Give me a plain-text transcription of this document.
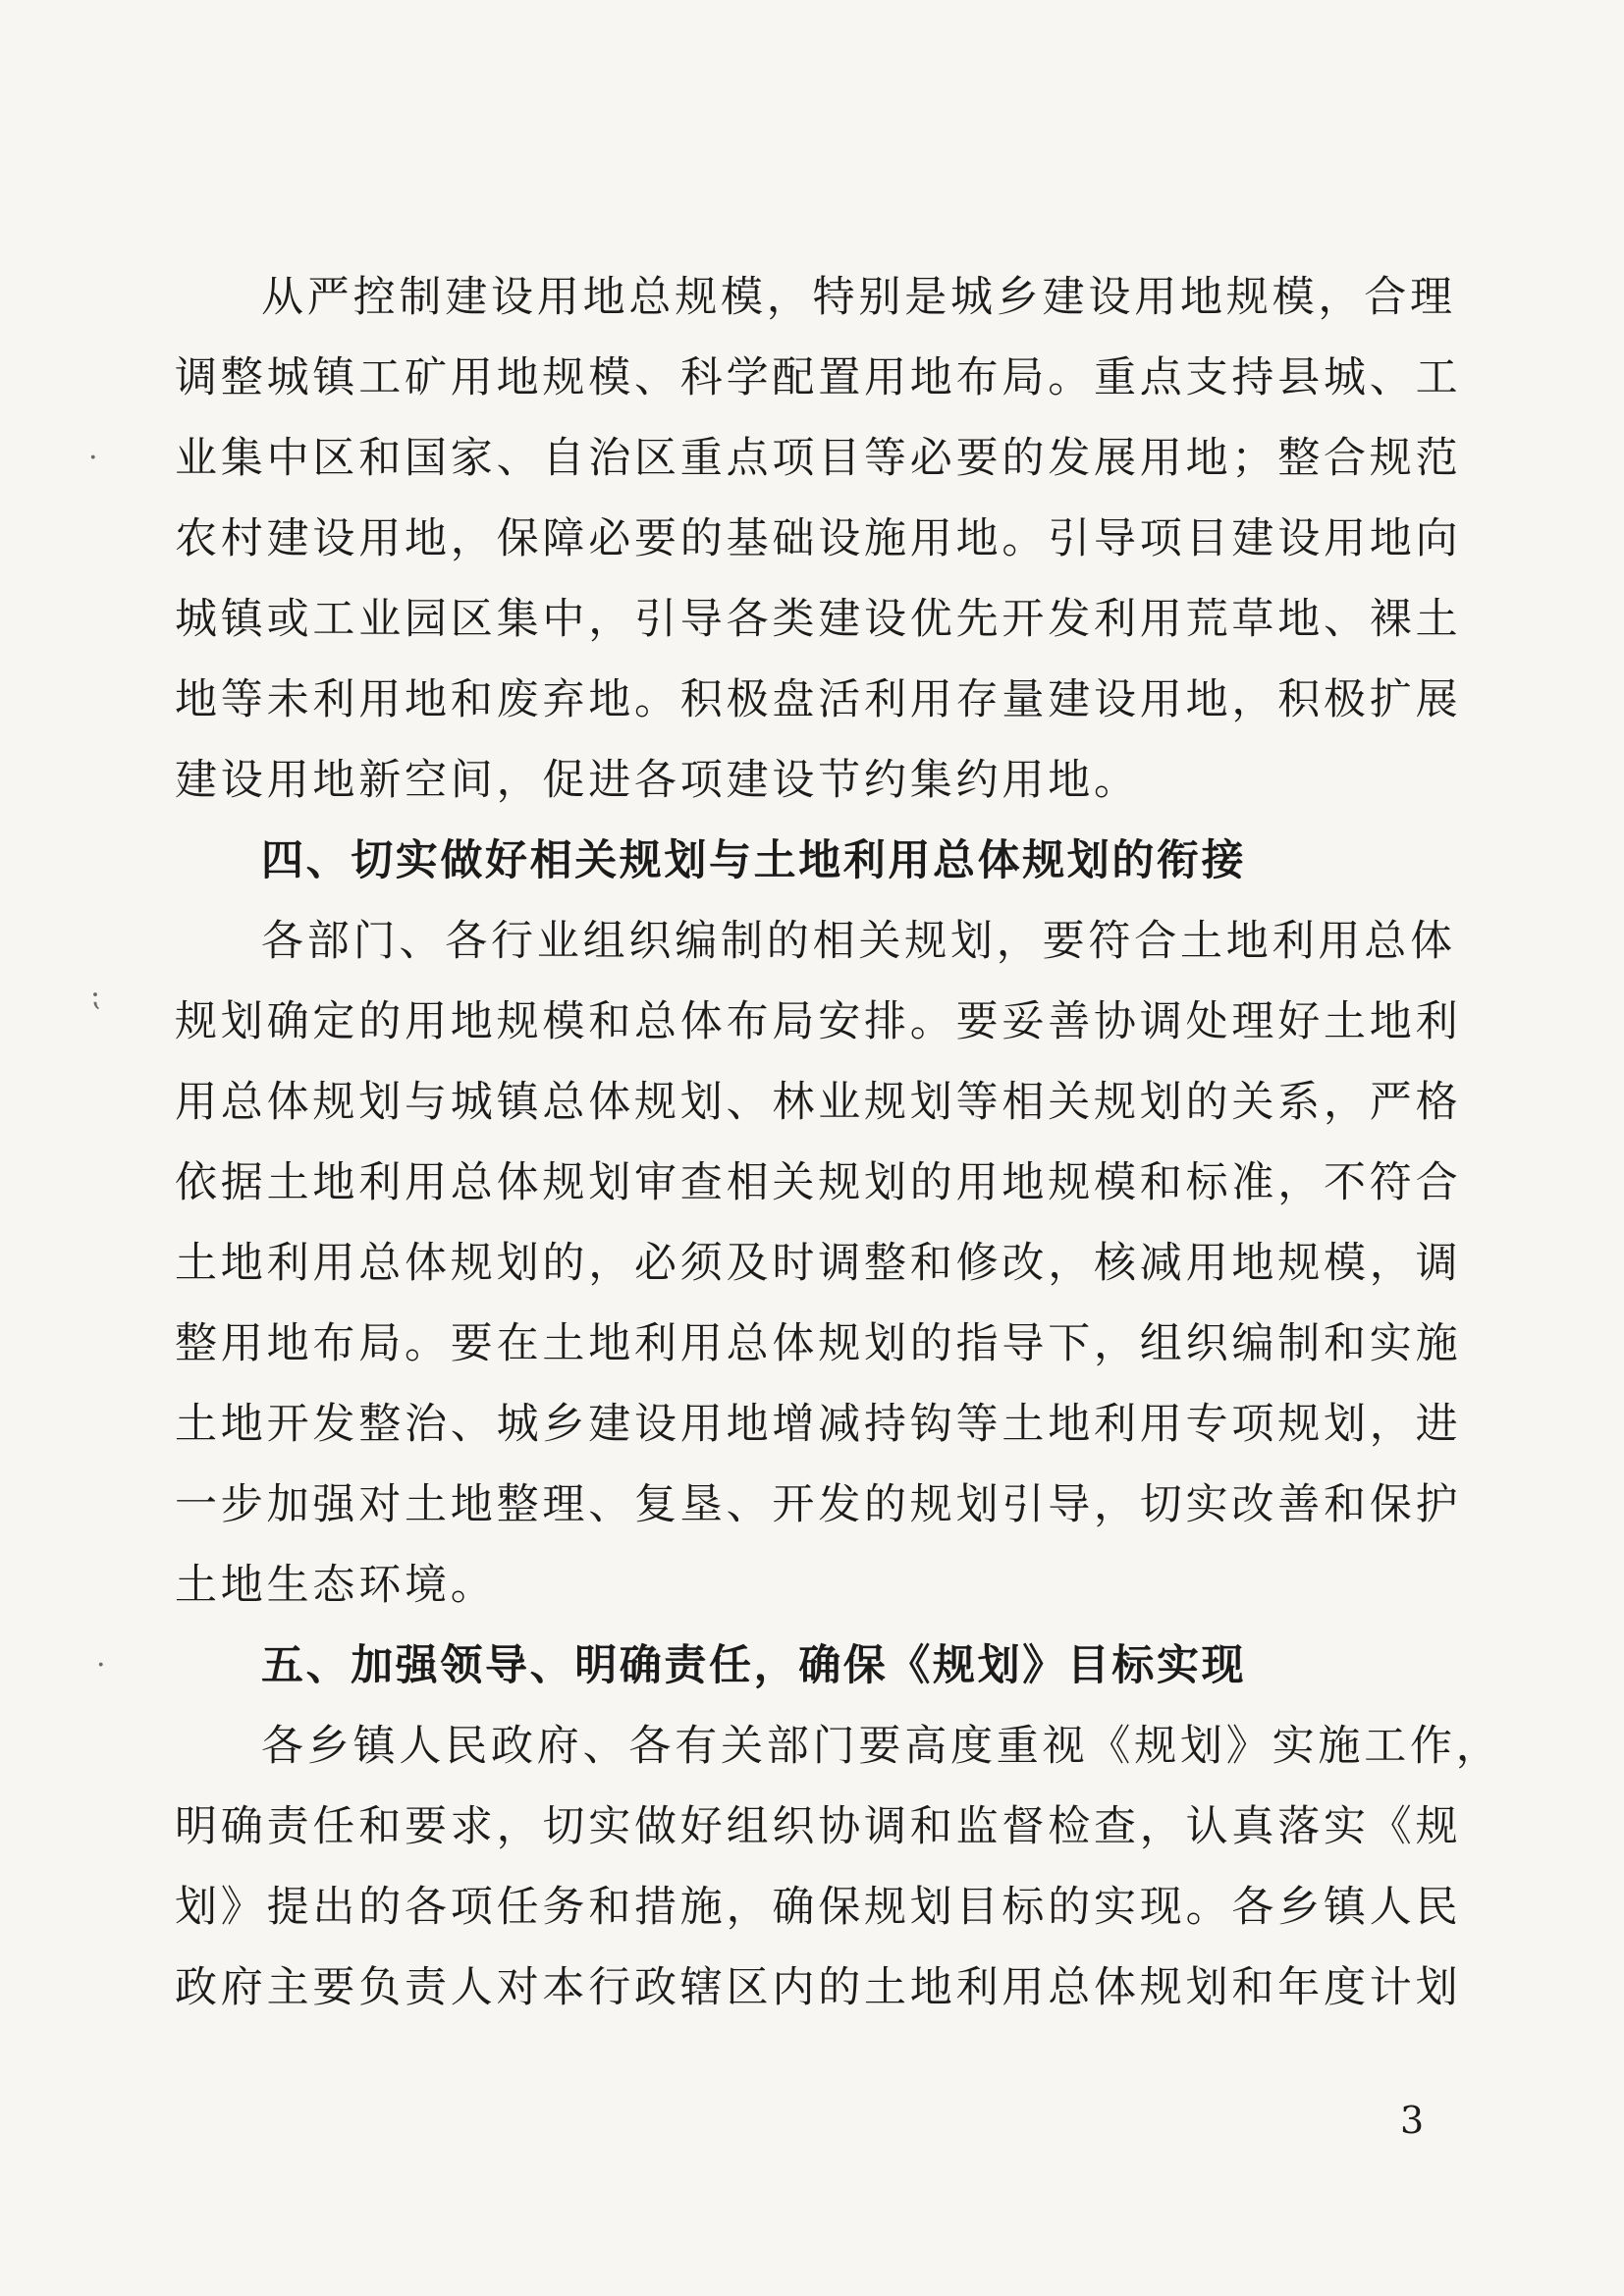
·
⁏
·
从严控制建设用地总规模，特别是城乡建设用地规模，合理
调整城镇工矿用地规模、科学配置用地布局。重点支持县城、工
业集中区和国家、自治区重点项目等必要的发展用地；整合规范
农村建设用地，保障必要的基础设施用地。引导项目建设用地向
城镇或工业园区集中，引导各类建设优先开发利用荒草地、裸土
地等未利用地和废弃地。积极盘活利用存量建设用地，积极扩展
建设用地新空间，促进各项建设节约集约用地。
四、切实做好相关规划与土地利用总体规划的衔接
各部门、各行业组织编制的相关规划，要符合土地利用总体
规划确定的用地规模和总体布局安排。要妥善协调处理好土地利
用总体规划与城镇总体规划、林业规划等相关规划的关系，严格
依据土地利用总体规划审查相关规划的用地规模和标准，不符合
土地利用总体规划的，必须及时调整和修改，核减用地规模，调
整用地布局。要在土地利用总体规划的指导下，组织编制和实施
土地开发整治、城乡建设用地增减持钩等土地利用专项规划，进
一步加强对土地整理、复垦、开发的规划引导，切实改善和保护
土地生态环境。
五、加强领导、明确责任，确保《规划》目标实现
各乡镇人民政府、各有关部门要高度重视《规划》实施工作，
明确责任和要求，切实做好组织协调和监督检查，认真落实《规
划》提出的各项任务和措施，确保规划目标的实现。各乡镇人民
政府主要负责人对本行政辖区内的土地利用总体规划和年度计划
3
